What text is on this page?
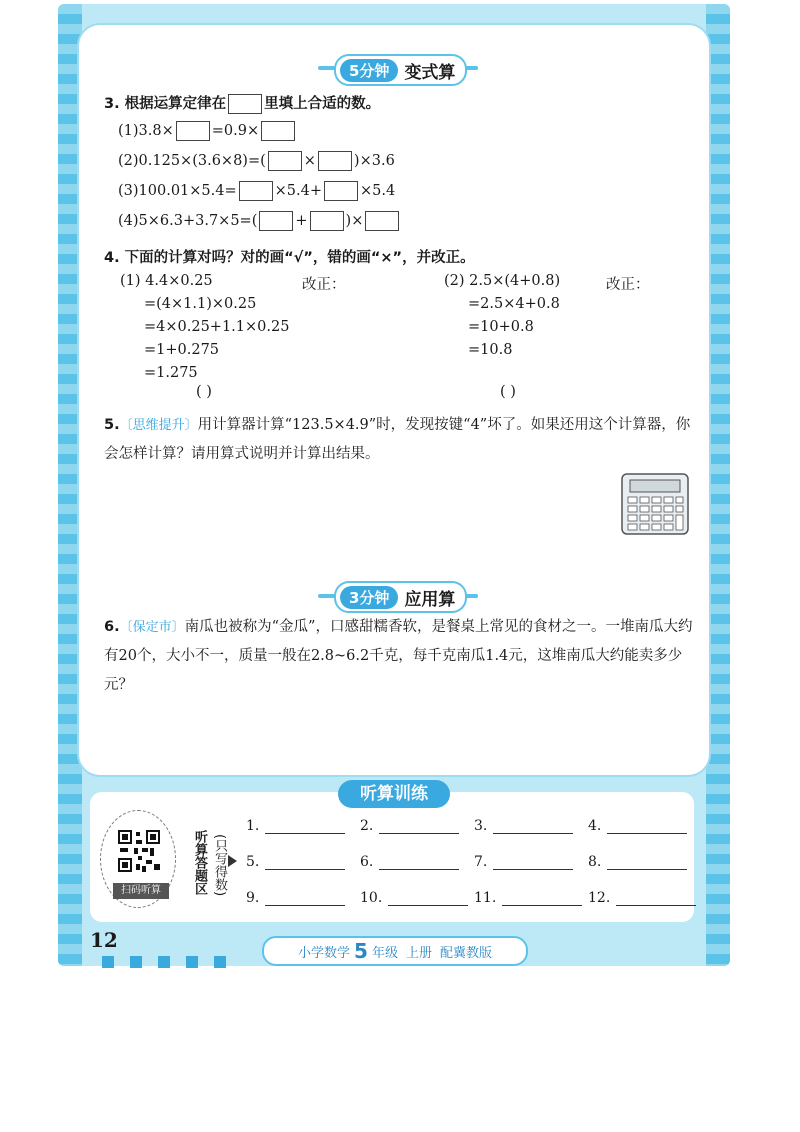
5分钟 变式算
3. 根据运算定律在	里填上合适的数。
(1)3.8×	=0.9×
(2)0.125×(3.6×8)=(	×	)×3.6
(3)100.01×5.4=	×5.4+	×5.4
(4)5×6.3+3.7×5=(	+	)×
4. 下面的计算对吗？对的画“√”，错的画“×”，并改正。
(1) 4.4×0.25	改正：
=(4×1.1)×0.25
=4×0.25+1.1×0.25
=1+0.275
=1.275
( )
(2) 2.5×(4+0.8)	改正：
=2.5×4+0.8
=10+0.8
=10.8
( )
5.〔思维提升〕用计算器计算“123.5×4.9”时，发现按键“4”坏了。如果还用这个计算器，你会怎样计算？请用算式说明并计算出结果。
3分钟 应用算
6.〔保定市〕南瓜也被称为“金瓜”，口感甜糯香软，是餐桌上常见的食材之一。一堆南瓜大约有20个，大小不一，质量一般在2.8~6.2千克，每千克南瓜1.4元，这堆南瓜大约能卖多少元？
听算训练
扫码听算	听算答题区 (只写得数)
1.	2.	3.	4.
5.	6.	7.	8.
9.	10.	11.	12.
12
小学数学 5 年级 上册 配冀教版
